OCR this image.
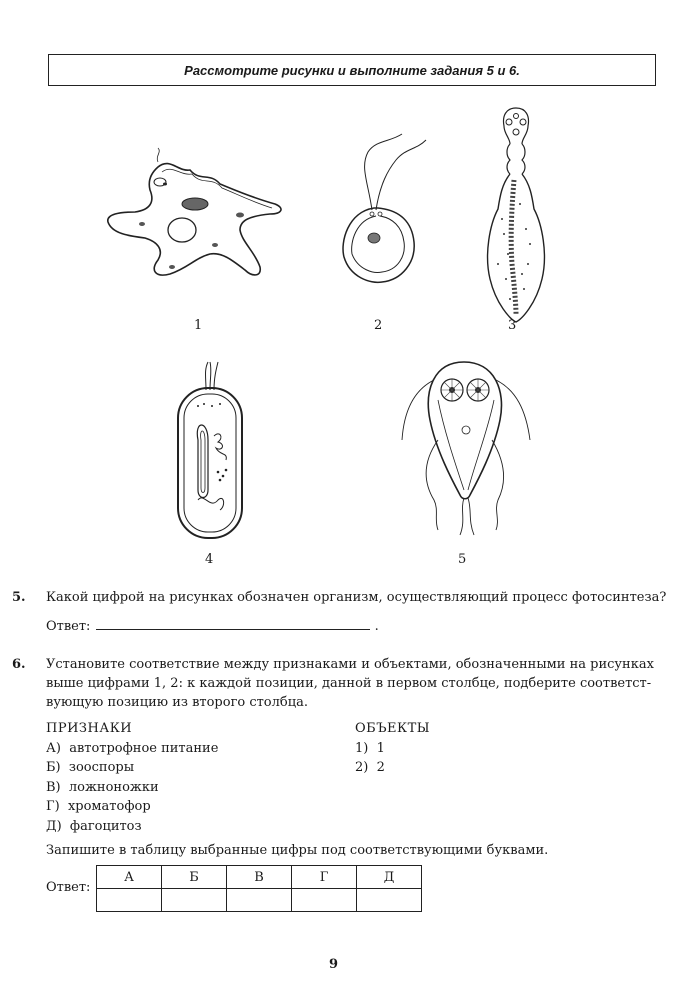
Рассмотрите рисунки и выполните задания 5 и 6.
1	2	3
4	5
5. Какой цифрой на рисунках обозначен организм, осуществляющий процесс фотосинтеза?
Ответ:	.
6. Установите соответствие между признаками и объектами, обозначенными на рисунках
выше цифрами 1, 2: к каждой позиции, данной в первом столбце, подберите соответст-
вующую позицию из второго столбца.
ПРИЗНАКИ
А) автотрофное питание
Б) зооспоры
В) ложноножки
Г) хроматофор
Д) фагоцитоз
ОБЪЕКТЫ
1) 1
2) 2
Запишите в таблицу выбранные цифры под соответствующими буквами.
Ответ:
А	Б	В	Г	Д

9
